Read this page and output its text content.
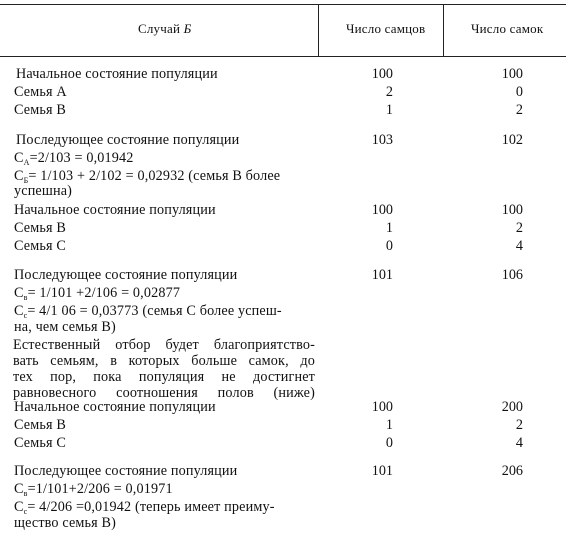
Случай Б	Число самцов	Число самок
Начальное состояние популяции	100	100
Семья A	2	0
Семья B	1	2
Последующее состояние популяции	103	102
$C_A=2/103 = 0,01942$
$C_Б= 1/103 + 2/102 = 0,02932$ (семья B более
успешна)
Начальное состояние популяции	100	100
Семья B	1	2
Семья C	0	4
Последующее состояние популяции	101	106
$C_в= 1/101 +2/106 = 0,02877$
$C_c= 4/1$ 06 = 0,03773 (семья C более успеш-
на, чем семья B)
Естественный отбор будет благоприятство-
вать семьям, в которых больше самок, до
тех пор, пока популяция не достигнет
равновесного соотношения полов (ниже)
Начальное состояние популяции	100	200
Семья B	1	2
Семья C	0	4
Последующее состояние популяции	101	206
$C_в=1/101+2/206 = 0,01971$
$C_c= 4/206 =0,01942$ (теперь имеет преиму-
щество семья B)
